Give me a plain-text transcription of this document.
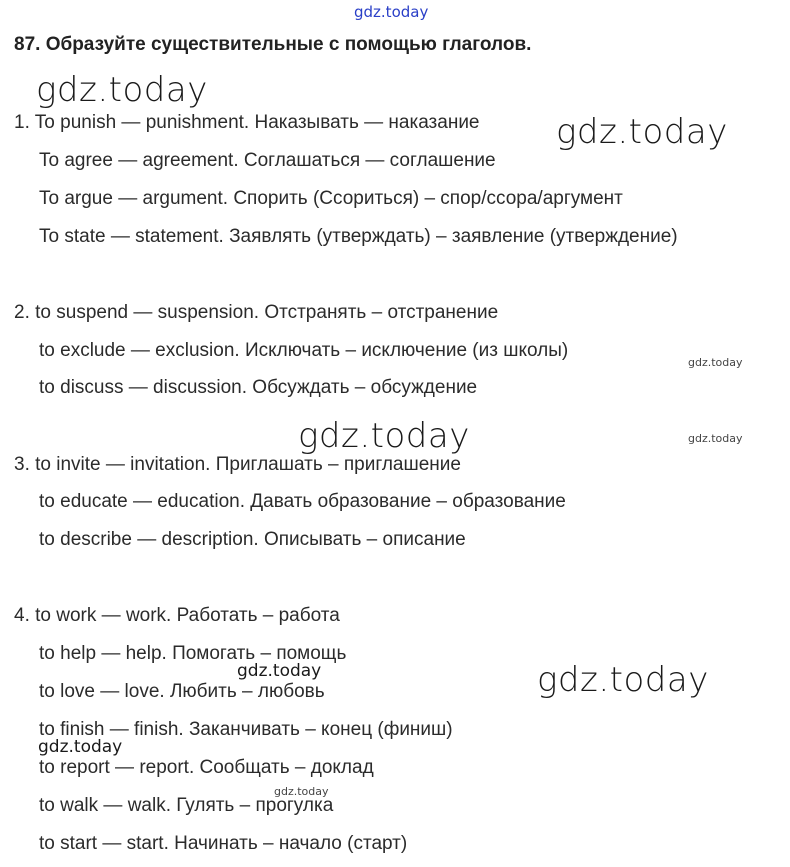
gdz.today
87. Образуйте существительные с помощью глаголов.
1. To punish — punishment. Наказывать — наказание
To agree — agreement. Соглашаться — соглашение
To argue — argument. Спорить (Ссориться) – спор/ссора/аргумент
To state — statement. Заявлять (утверждать) – заявление (утверждение)
2. to suspend — suspension. Отстранять – отстранение
to exclude — exclusion. Исключать – исключение (из школы)
to discuss — discussion. Обсуждать – обсуждение
3. to invite — invitation. Приглашать – приглашение
to educate — education. Давать образование – образование
to describe — description. Описывать – описание
4. to work — work. Работать – работа
to help — help. Помогать – помощь
to love — love. Любить – любовь
to finish — finish. Заканчивать – конец (финиш)
to report — report. Сообщать – доклад
to walk — walk. Гулять – прогулка
to start — start. Начинать – начало (старт)
gdz.today
gdz.today
gdz.today
gdz.today	gdz.today
gdz.today	gdz.today
gdz.today
gdz.today
